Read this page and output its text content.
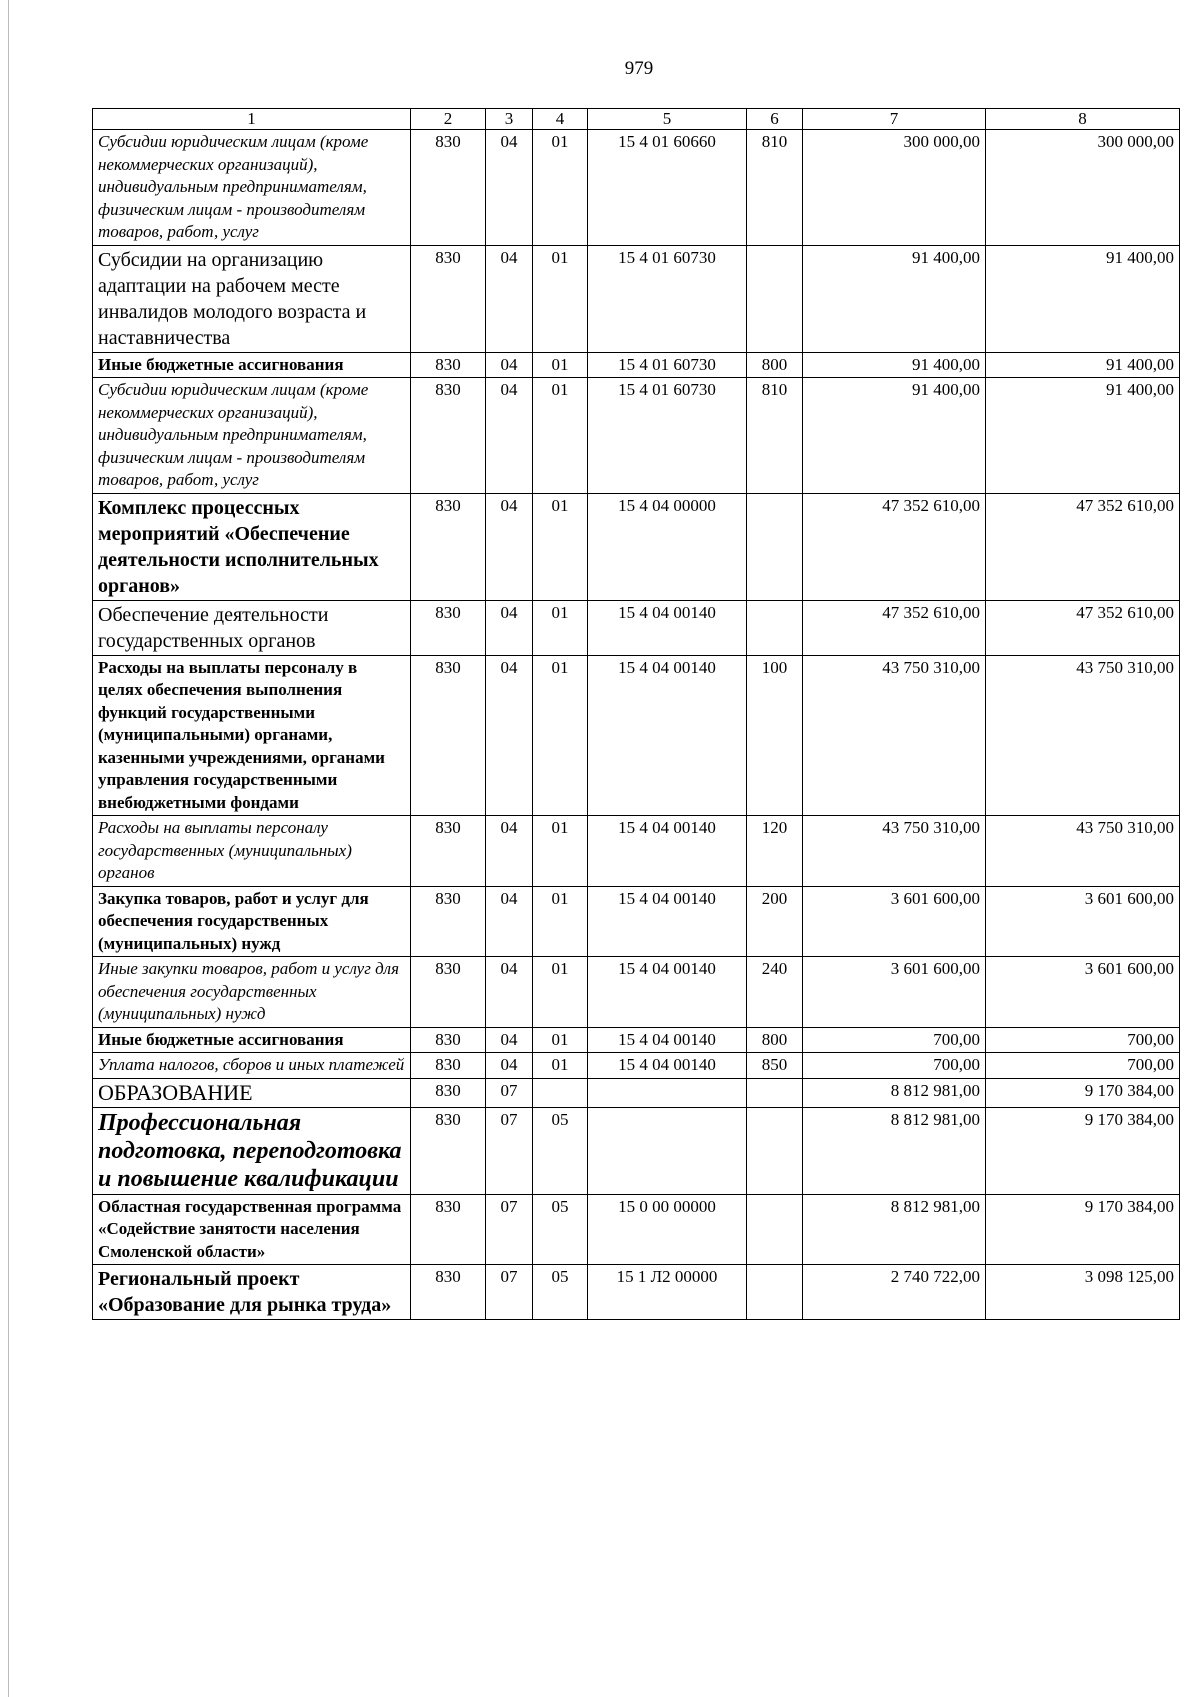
979
1	2	3	4	5	6	7	8
Субсидии юридическим лицам (кроме некоммерческих организаций), индивидуальным предпринимателям, физическим лицам - производителям товаров, работ, услуг	830	04	01	15 4 01 60660	810	300 000,00	300 000,00
Субсидии на организацию адаптации на рабочем месте инвалидов молодого возраста и наставничества	830	04	01	15 4 01 60730		91 400,00	91 400,00
Иные бюджетные ассигнования	830	04	01	15 4 01 60730	800	91 400,00	91 400,00
Субсидии юридическим лицам (кроме некоммерческих организаций), индивидуальным предпринимателям, физическим лицам - производителям товаров, работ, услуг	830	04	01	15 4 01 60730	810	91 400,00	91 400,00
Комплекс процессных мероприятий «Обеспечение деятельности исполнительных органов»	830	04	01	15 4 04 00000		47 352 610,00	47 352 610,00
Обеспечение деятельности государственных органов	830	04	01	15 4 04 00140		47 352 610,00	47 352 610,00
Расходы на выплаты персоналу в целях обеспечения выполнения функций государственными (муниципальными) органами, казенными учреждениями, органами управления государственными внебюджетными фондами	830	04	01	15 4 04 00140	100	43 750 310,00	43 750 310,00
Расходы на выплаты персоналу государственных (муниципальных) органов	830	04	01	15 4 04 00140	120	43 750 310,00	43 750 310,00
Закупка товаров, работ и услуг для обеспечения государственных (муниципальных) нужд	830	04	01	15 4 04 00140	200	3 601 600,00	3 601 600,00
Иные закупки товаров, работ и услуг для обеспечения государственных (муниципальных) нужд	830	04	01	15 4 04 00140	240	3 601 600,00	3 601 600,00
Иные бюджетные ассигнования	830	04	01	15 4 04 00140	800	700,00	700,00
Уплата налогов, сборов и иных платежей	830	04	01	15 4 04 00140	850	700,00	700,00
ОБРАЗОВАНИЕ	830	07				8 812 981,00	9 170 384,00
Профессиональная подготовка, переподготовка и повышение квалификации	830	07	05			8 812 981,00	9 170 384,00
Областная государственная программа «Содействие занятости населения Смоленской области»	830	07	05	15 0 00 00000		8 812 981,00	9 170 384,00
Региональный проект «Образование для рынка труда»	830	07	05	15 1 Л2 00000		2 740 722,00	3 098 125,00
